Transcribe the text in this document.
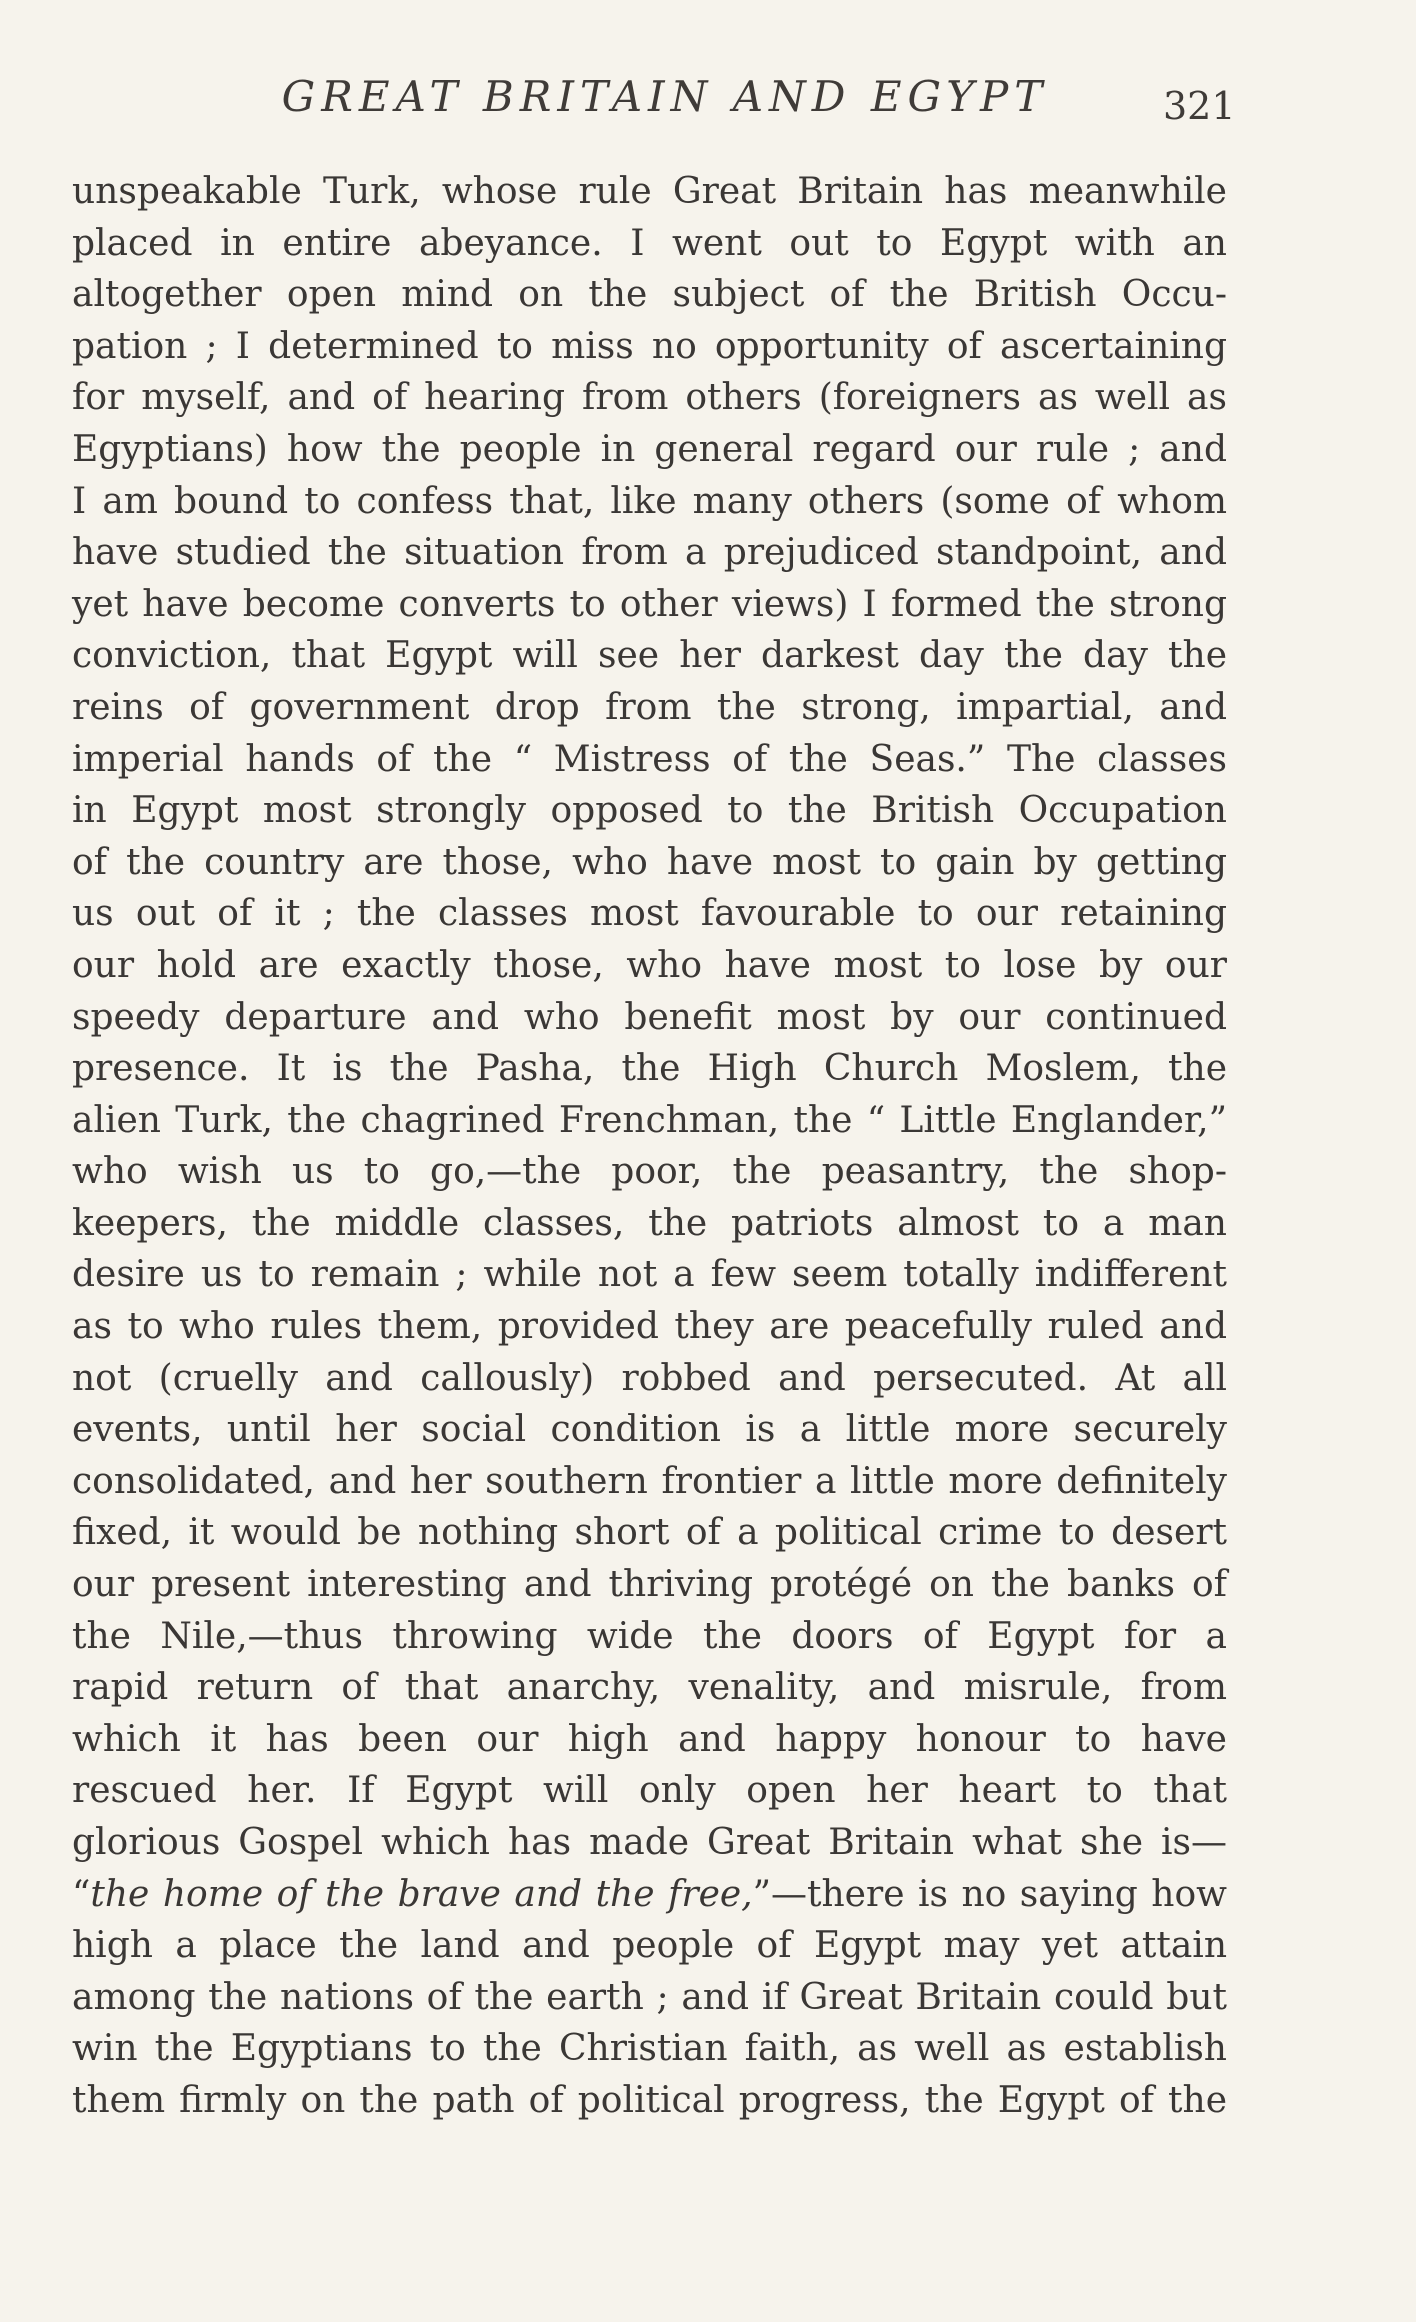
GREAT BRITAIN AND EGYPT	321
unspeakable Turk, whose rule Great Britain has meanwhile
placed in entire abeyance. I went out to Egypt with an
altogether open mind on the subject of the British Occu-
pation ; I determined to miss no opportunity of ascertaining
for myself, and of hearing from others (foreigners as well as
Egyptians) how the people in general regard our rule ; and
I am bound to confess that, like many others (some of whom
have studied the situation from a prejudiced standpoint, and
yet have become converts to other views) I formed the strong
conviction, that Egypt will see her darkest day the day the
reins of government drop from the strong, impartial, and
imperial hands of the “ Mistress of the Seas.” The classes
in Egypt most strongly opposed to the British Occupation
of the country are those, who have most to gain by getting
us out of it ; the classes most favourable to our retaining
our hold are exactly those, who have most to lose by our
speedy departure and who benefit most by our continued
presence. It is the Pasha, the High Church Moslem, the
alien Turk, the chagrined Frenchman, the “ Little Englander,”
who wish us to go,—the poor, the peasantry, the shop-
keepers, the middle classes, the patriots almost to a man
desire us to remain ; while not a few seem totally indifferent
as to who rules them, provided they are peacefully ruled and
not (cruelly and callously) robbed and persecuted. At all
events, until her social condition is a little more securely
consolidated, and her southern frontier a little more definitely
fixed, it would be nothing short of a political crime to desert
our present interesting and thriving protégé on the banks of
the Nile,—thus throwing wide the doors of Egypt for a
rapid return of that anarchy, venality, and misrule, from
which it has been our high and happy honour to have
rescued her. If Egypt will only open her heart to that
glorious Gospel which has made Great Britain what she is—
“the home of the brave and the free,”—there is no saying how
high a place the land and people of Egypt may yet attain
among the nations of the earth ; and if Great Britain could but
win the Egyptians to the Christian faith, as well as establish
them firmly on the path of political progress, the Egypt of the
